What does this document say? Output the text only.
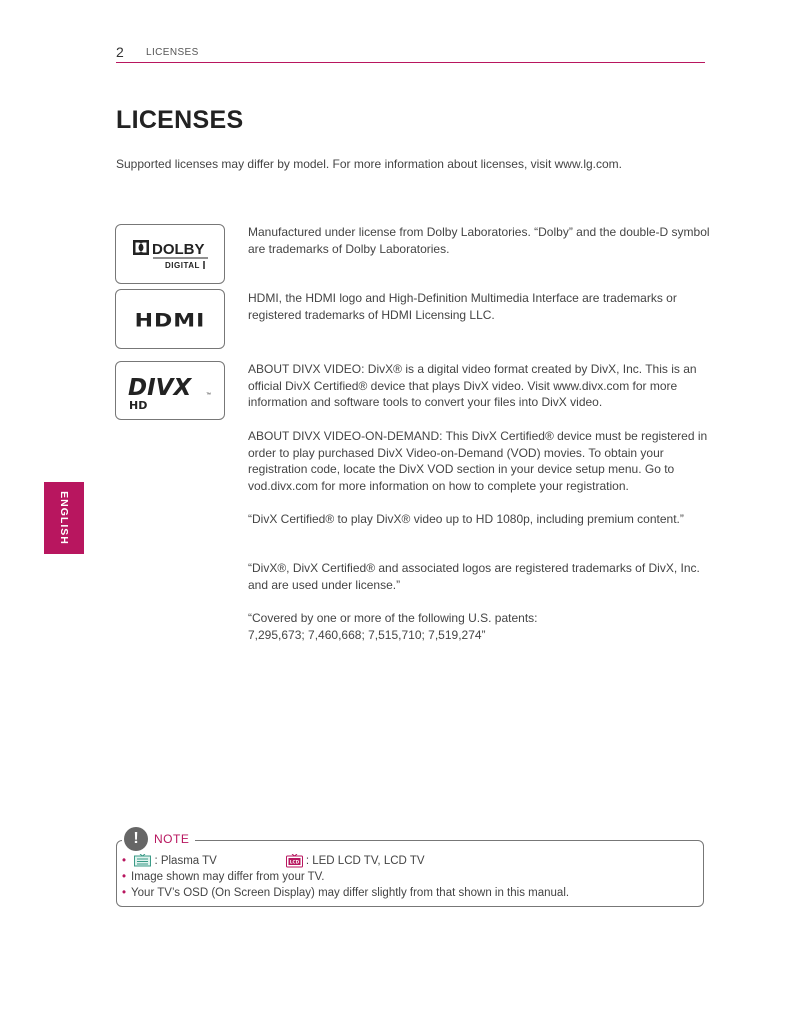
2 LICENSES
LICENSES

Supported licenses may differ by model. For more information about licenses, visit www.lg.com.

ENGLISH
DOLBY
DIGITAL

Manufactured under license from Dolby Laboratories. “Dolby” and the double-D symbol are trademarks of Dolby Laboratories.

HDMI

HDMI, the HDMI logo and High-Definition Multimedia Interface are trademarks or registered trademarks of HDMI Licensing LLC.

DIVX	™
HD

ABOUT DIVX VIDEO: DivX® is a digital video format created by DivX, Inc. This is an official DivX Certified® device that plays DivX video. Visit www.divx.com for more information and software tools to convert your files into DivX video.

ABOUT DIVX VIDEO-ON-DEMAND: This DivX Certified® device must be registered in order to play purchased DivX Video-on-Demand (VOD) movies. To obtain your registration code, locate the DivX VOD section in your device setup menu. Go to vod.divx.com for more information on how to complete your registration.

“DivX Certified® to play DivX® video up to HD 1080p, including premium content.”

“DivX®, DivX Certified® and associated logos are registered trademarks of DivX, Inc. and are used under license.”

“Covered by one or more of the following U.S. patents:
7,295,673; 7,460,668; 7,515,710; 7,519,274”

!	NOTE
• : Plasma TV	LCD : LED LCD TV, LCD TV
• Image shown may differ from your TV.
• Your TV’s OSD (On Screen Display) may differ slightly from that shown in this manual.
